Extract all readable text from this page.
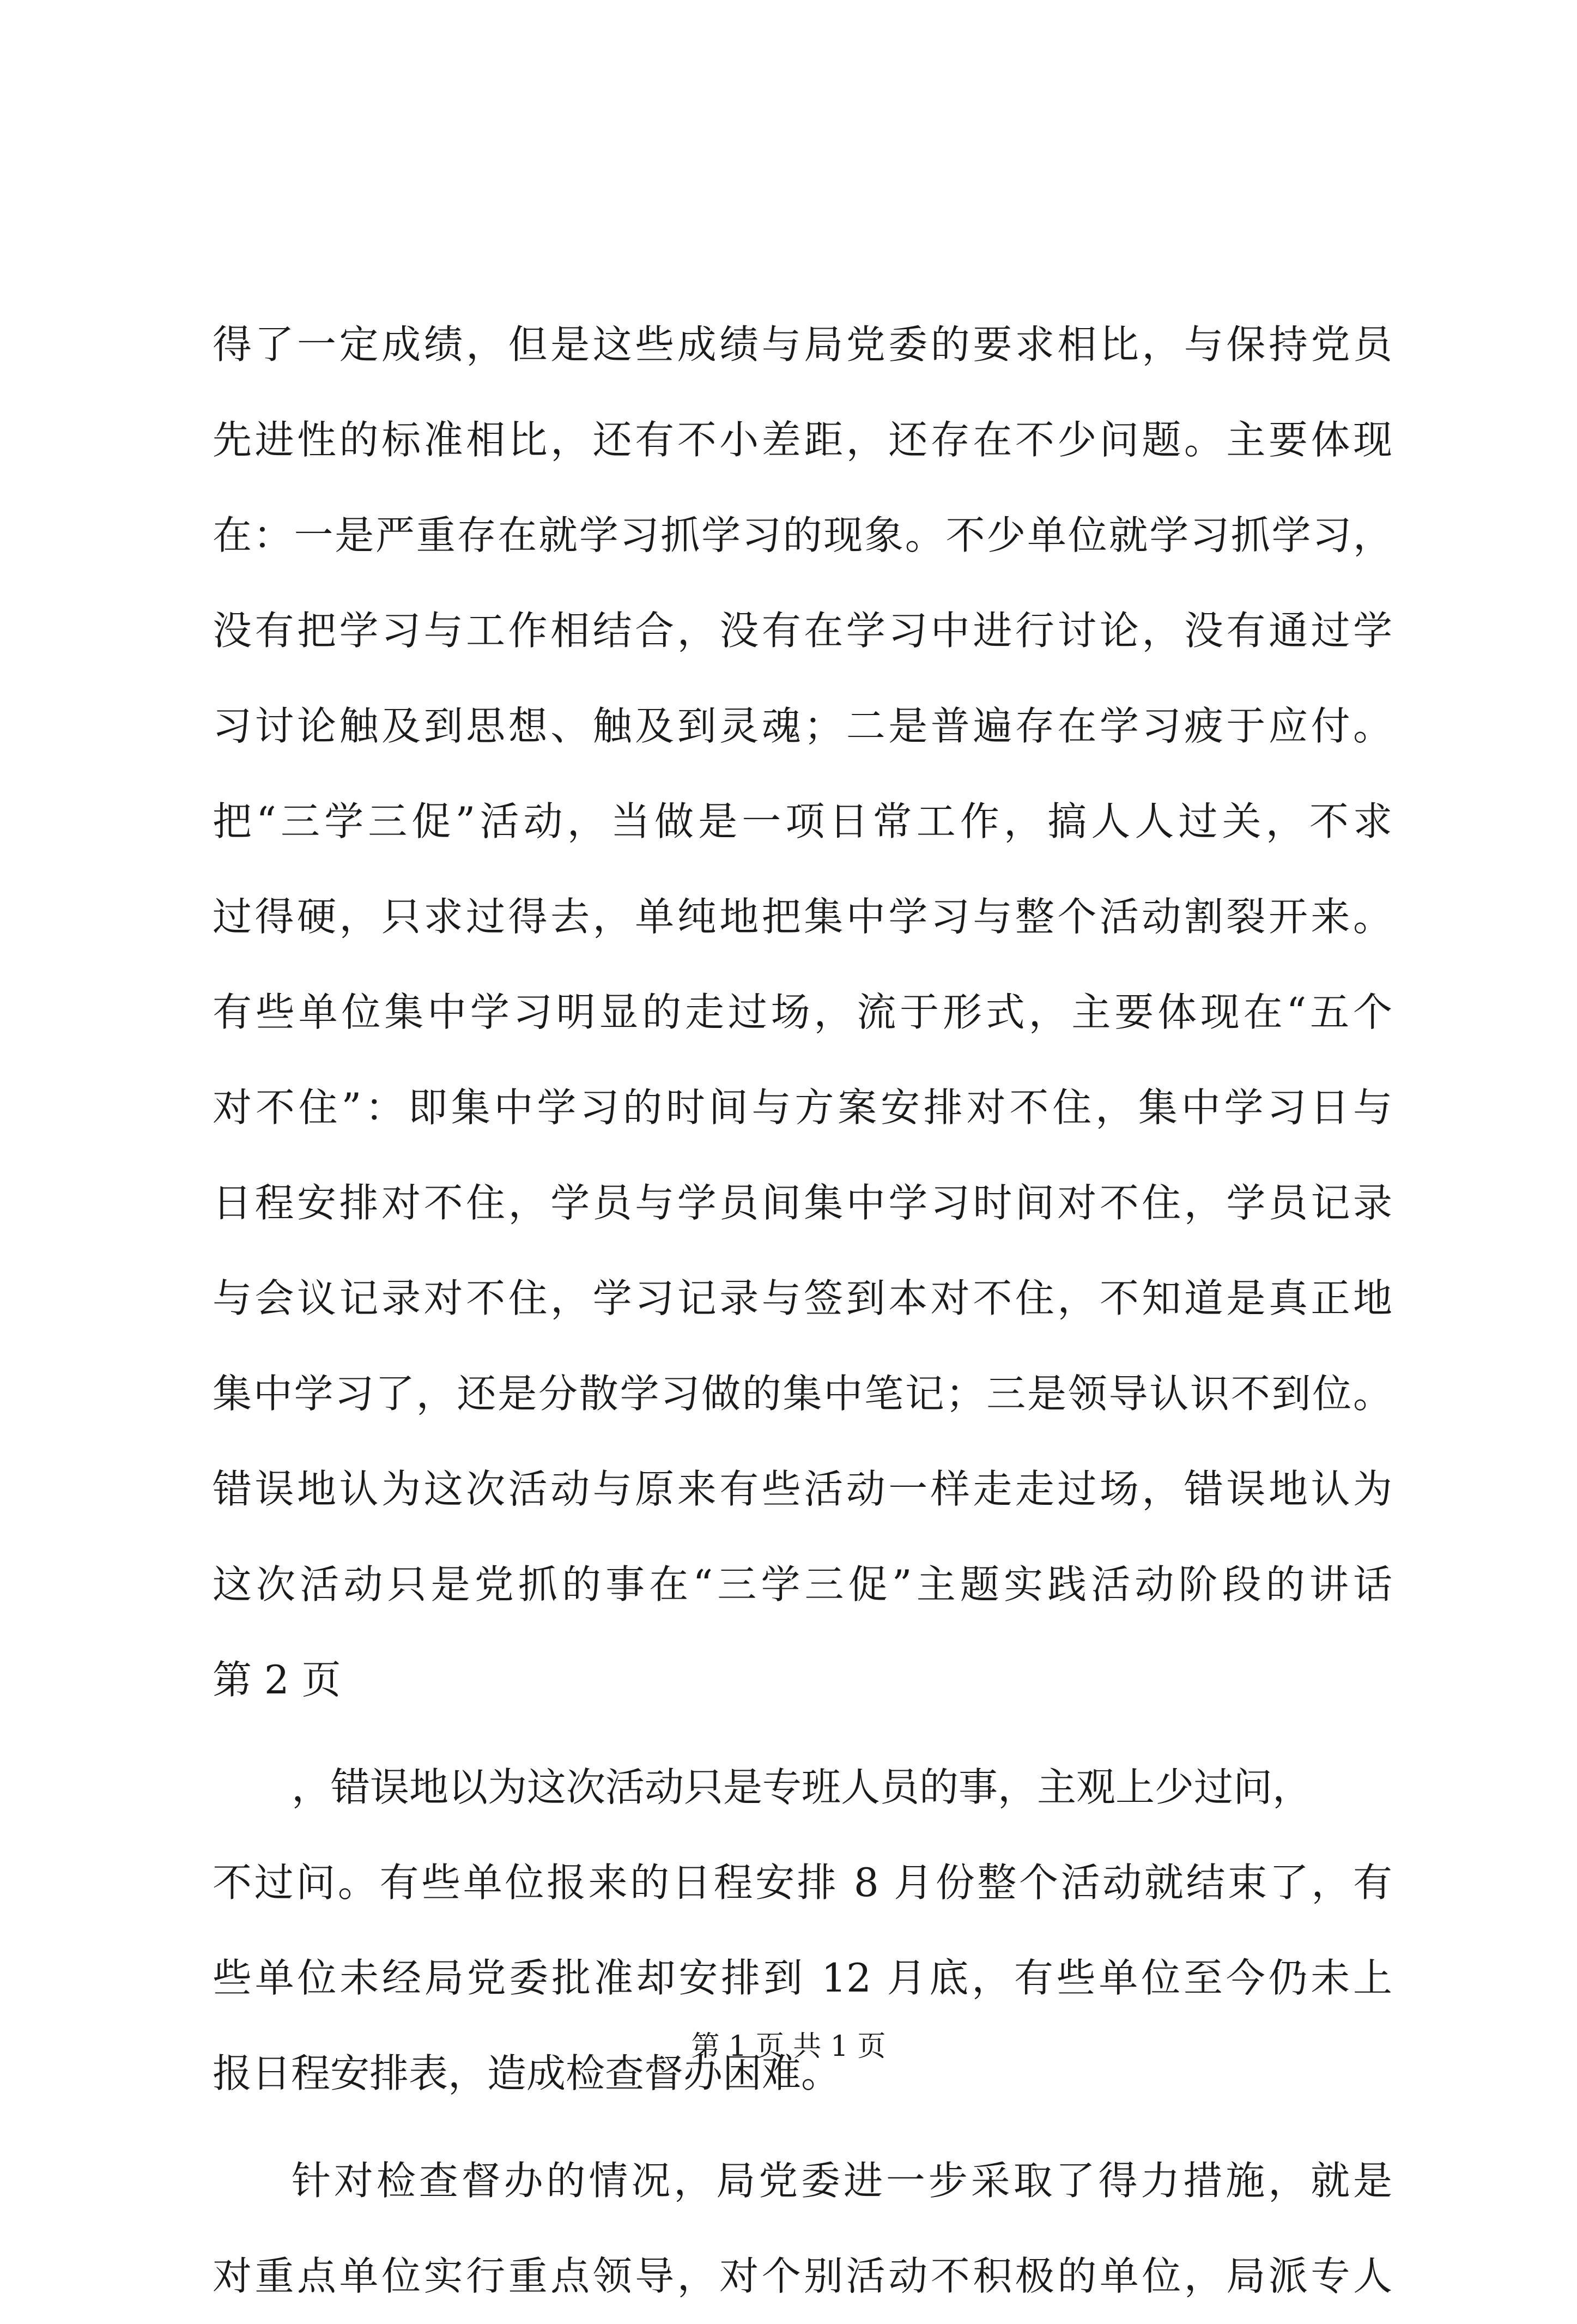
得了一定成绩，但是这些成绩与局党委的要求相比，与保持党员
先进性的标准相比，还有不小差距，还存在不少问题。主要体现
在：一是严重存在就学习抓学习的现象。不少单位就学习抓学习，
没有把学习与工作相结合，没有在学习中进行讨论，没有通过学
习讨论触及到思想、触及到灵魂；二是普遍存在学习疲于应付。
把“三学三促”活动，当做是一项日常工作，搞人人过关，不求
过得硬，只求过得去，单纯地把集中学习与整个活动割裂开来。
有些单位集中学习明显的走过场，流于形式，主要体现在“五个
对不住”：即集中学习的时间与方案安排对不住，集中学习日与
日程安排对不住，学员与学员间集中学习时间对不住，学员记录
与会议记录对不住，学习记录与签到本对不住，不知道是真正地
集中学习了，还是分散学习做的集中笔记；三是领导认识不到位。
错误地认为这次活动与原来有些活动一样走走过场，错误地认为
这次活动只是党抓的事在“三学三促”主题实践活动阶段的讲话
第 2 页
，错误地以为这次活动只是专班人员的事，主观上少过问，
不过问。有些单位报来的日程安排 8 月份整个活动就结束了，有
些单位未经局党委批准却安排到 12 月底，有些单位至今仍未上
报日程安排表，造成检查督办困难。
针对检查督办的情况，局党委进一步采取了得力措施，就是
对重点单位实行重点领导，对个别活动不积极的单位，局派专人
第 1 页 共 1 页
